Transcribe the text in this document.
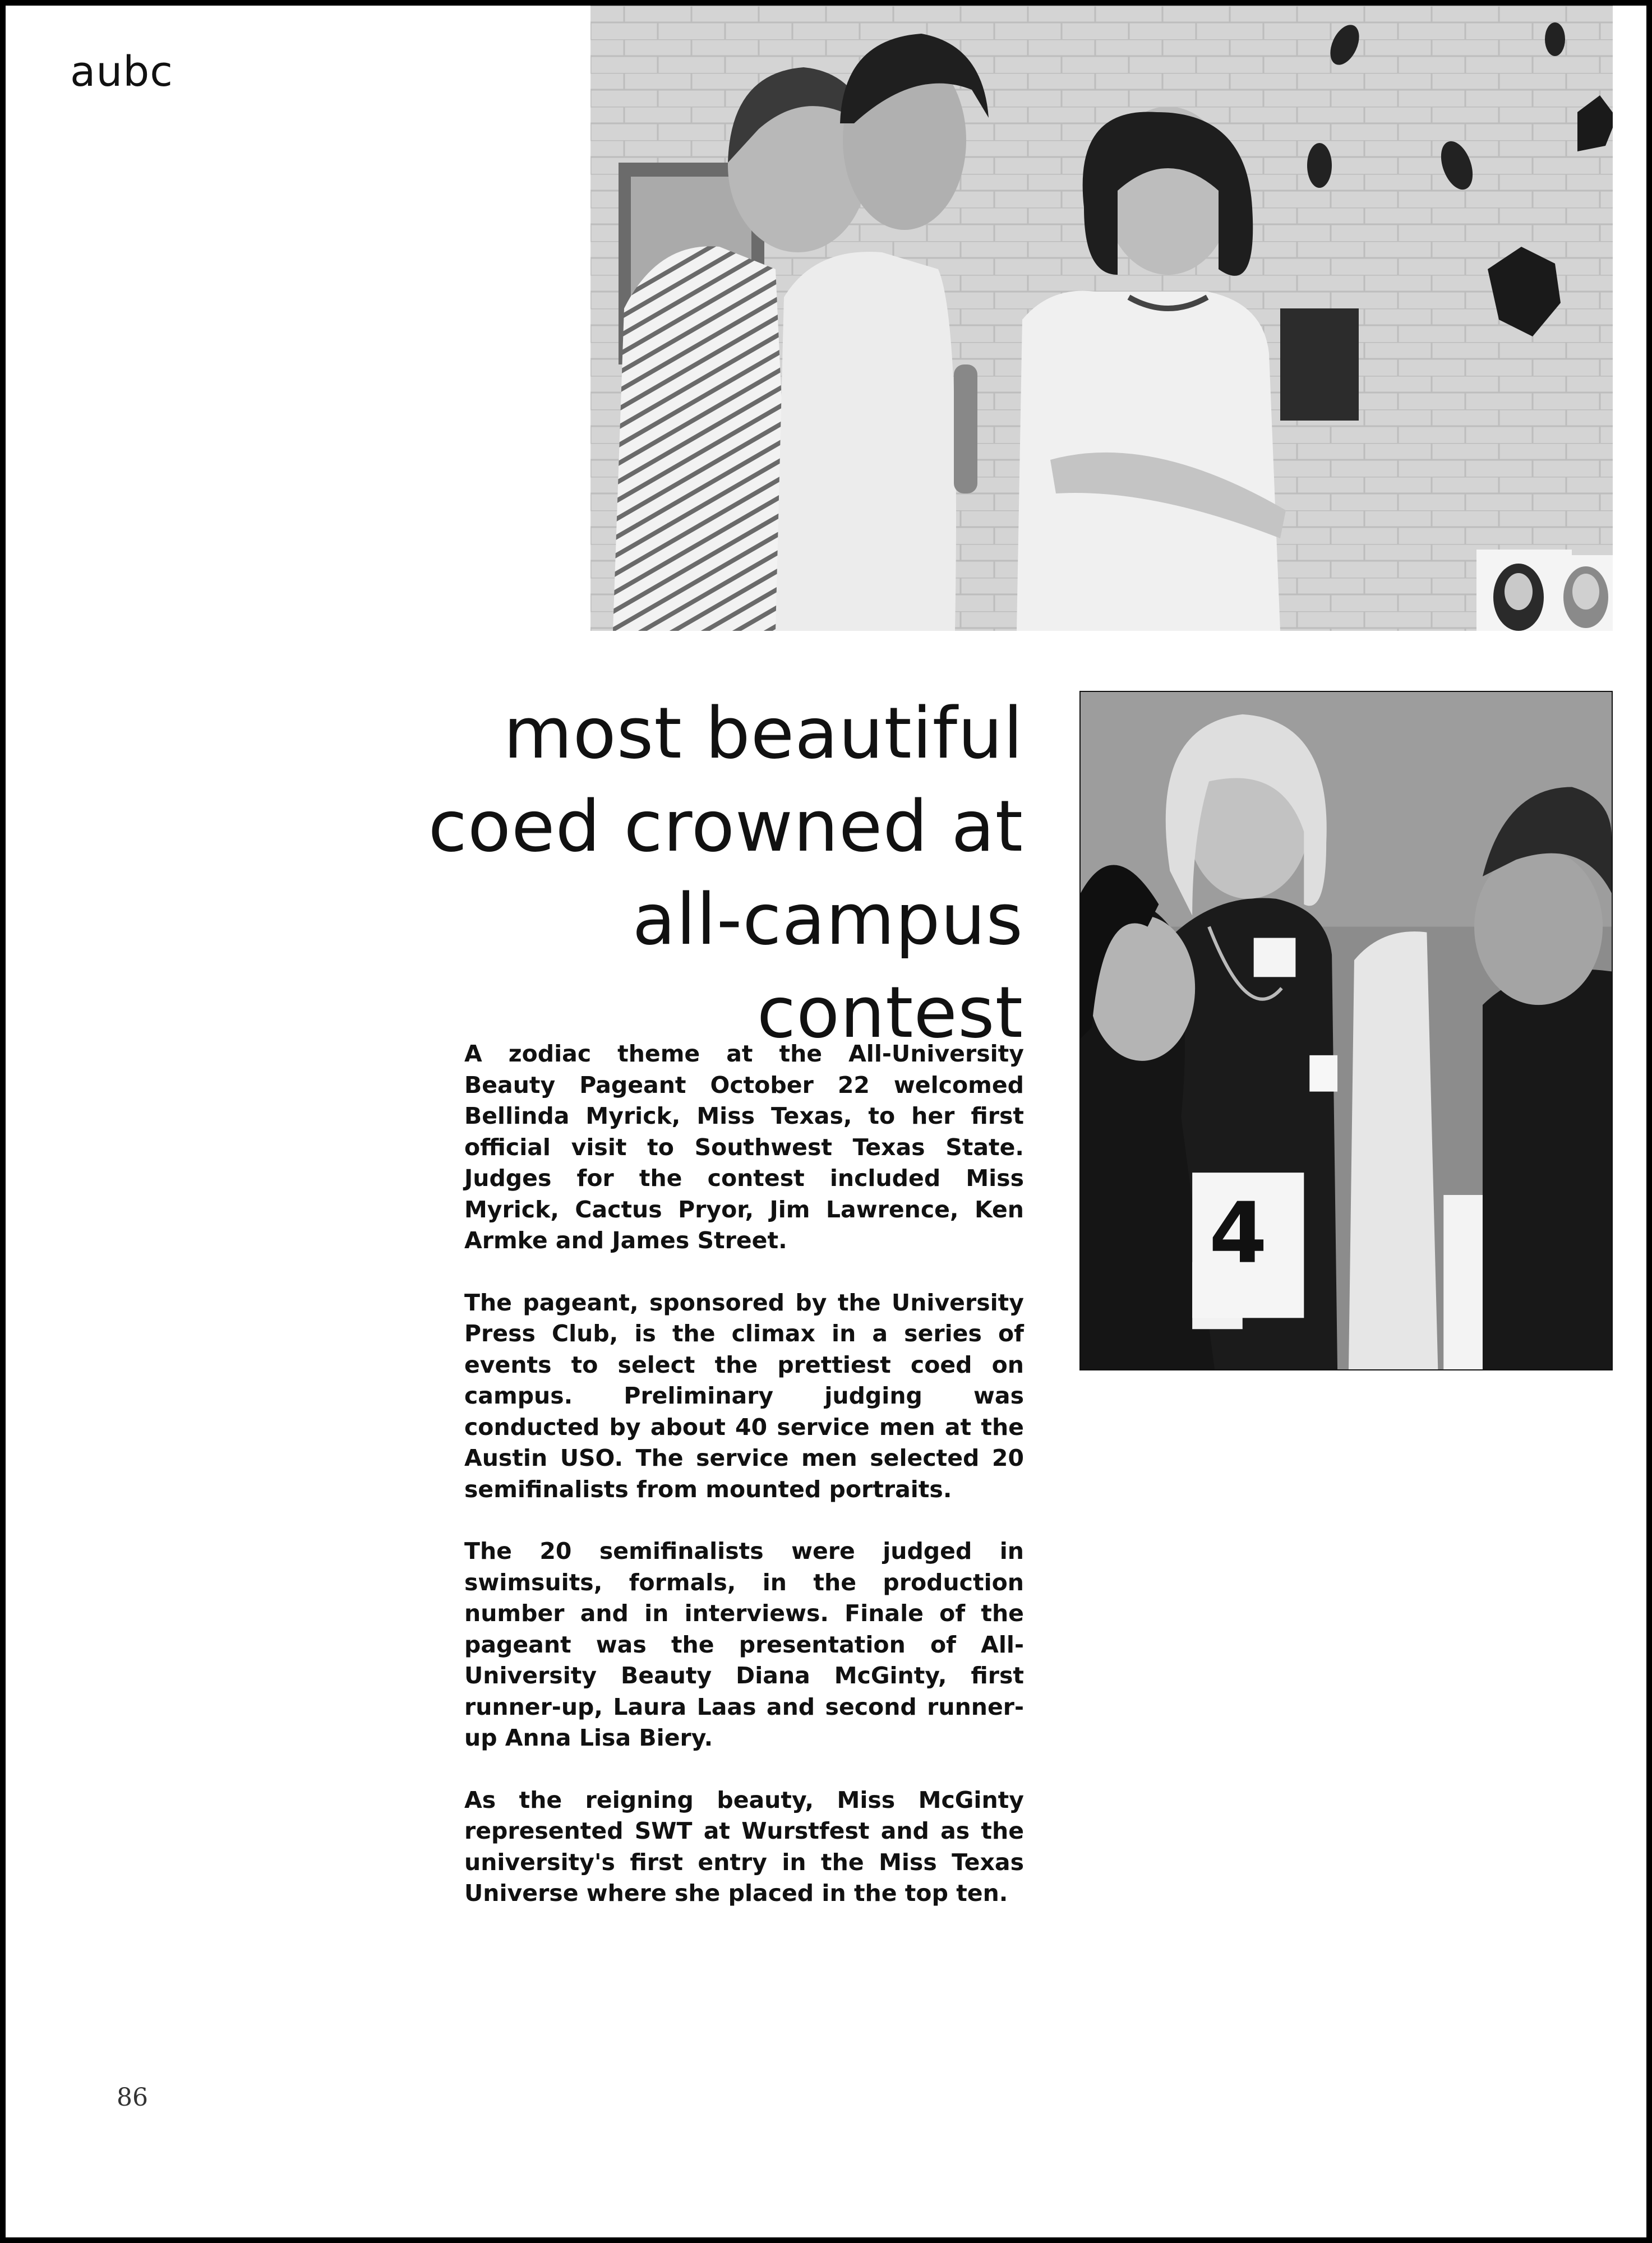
aubc
most beautiful
coed crowned at
all-campus contest
4

A zodiac theme at the All-University Beauty Pageant October 22 welcomed Bellinda Myrick, Miss Texas, to her first official visit to Southwest Texas State. Judges for the contest included Miss Myrick, Cactus Pryor, Jim Lawrence, Ken Armke and James Street.

The pageant, sponsored by the University Press Club, is the climax in a series of events to select the prettiest coed on campus. Preliminary judging was conducted by about 40 service men at the Austin USO. The service men selected 20 semifinalists from mounted portraits.

The 20 semifinalists were judged in swimsuits, formals, in the production number and in interviews. Finale of the pageant was the presentation of All-University Beauty Diana McGinty, first runner-up, Laura Laas and second runner-up Anna Lisa Biery.

As the reigning beauty, Miss McGinty represented SWT at Wurstfest and as the university's first entry in the Miss Texas Universe where she placed in the top ten.

86
